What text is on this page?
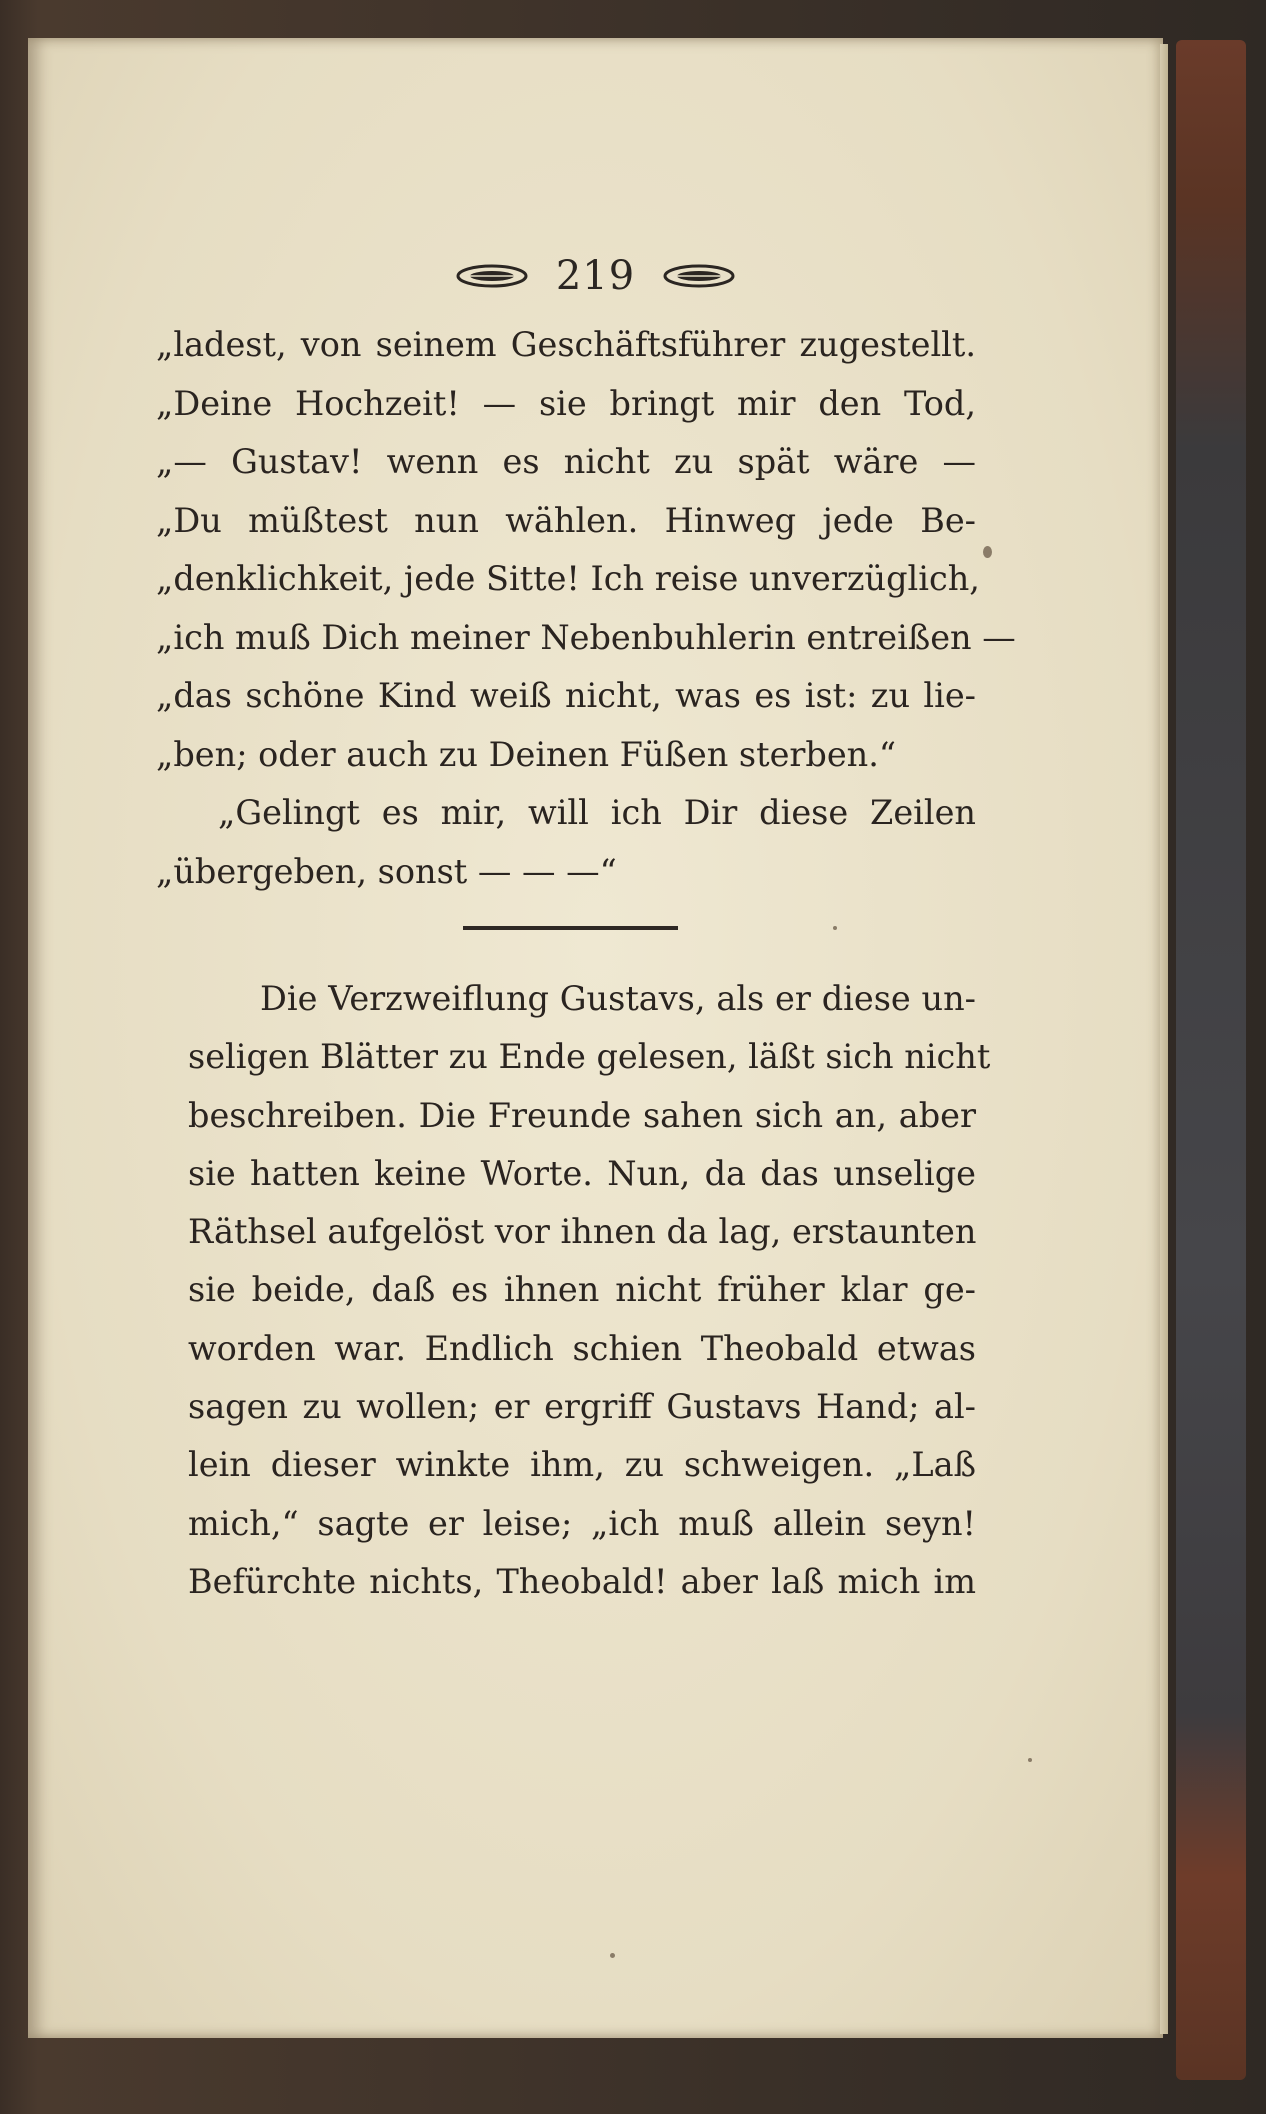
219
„ladest, von seinem Geschäftsführer zugestellt.
„Deine Hochzeit! — sie bringt mir den Tod,
„— Gustav! wenn es nicht zu spät wäre —
„Du müßtest nun wählen. Hinweg jede Be-
„denklichkeit, jede Sitte! Ich reise unverzüglich,
„ich muß Dich meiner Nebenbuhlerin entreißen —
„das schöne Kind weiß nicht, was es ist: zu lie-
„ben; oder auch zu Deinen Füßen sterben.“
„Gelingt es mir, will ich Dir diese Zeilen
„übergeben, sonst — — —“
Die Verzweiflung Gustavs, als er diese un-
seligen Blätter zu Ende gelesen, läßt sich nicht
beschreiben. Die Freunde sahen sich an, aber
sie hatten keine Worte. Nun, da das unselige
Räthsel aufgelöst vor ihnen da lag, erstaunten
sie beide, daß es ihnen nicht früher klar ge-
worden war. Endlich schien Theobald etwas
sagen zu wollen; er ergriff Gustavs Hand; al-
lein dieser winkte ihm, zu schweigen. „Laß
mich,“ sagte er leise; „ich muß allein seyn!
Befürchte nichts, Theobald! aber laß mich im
